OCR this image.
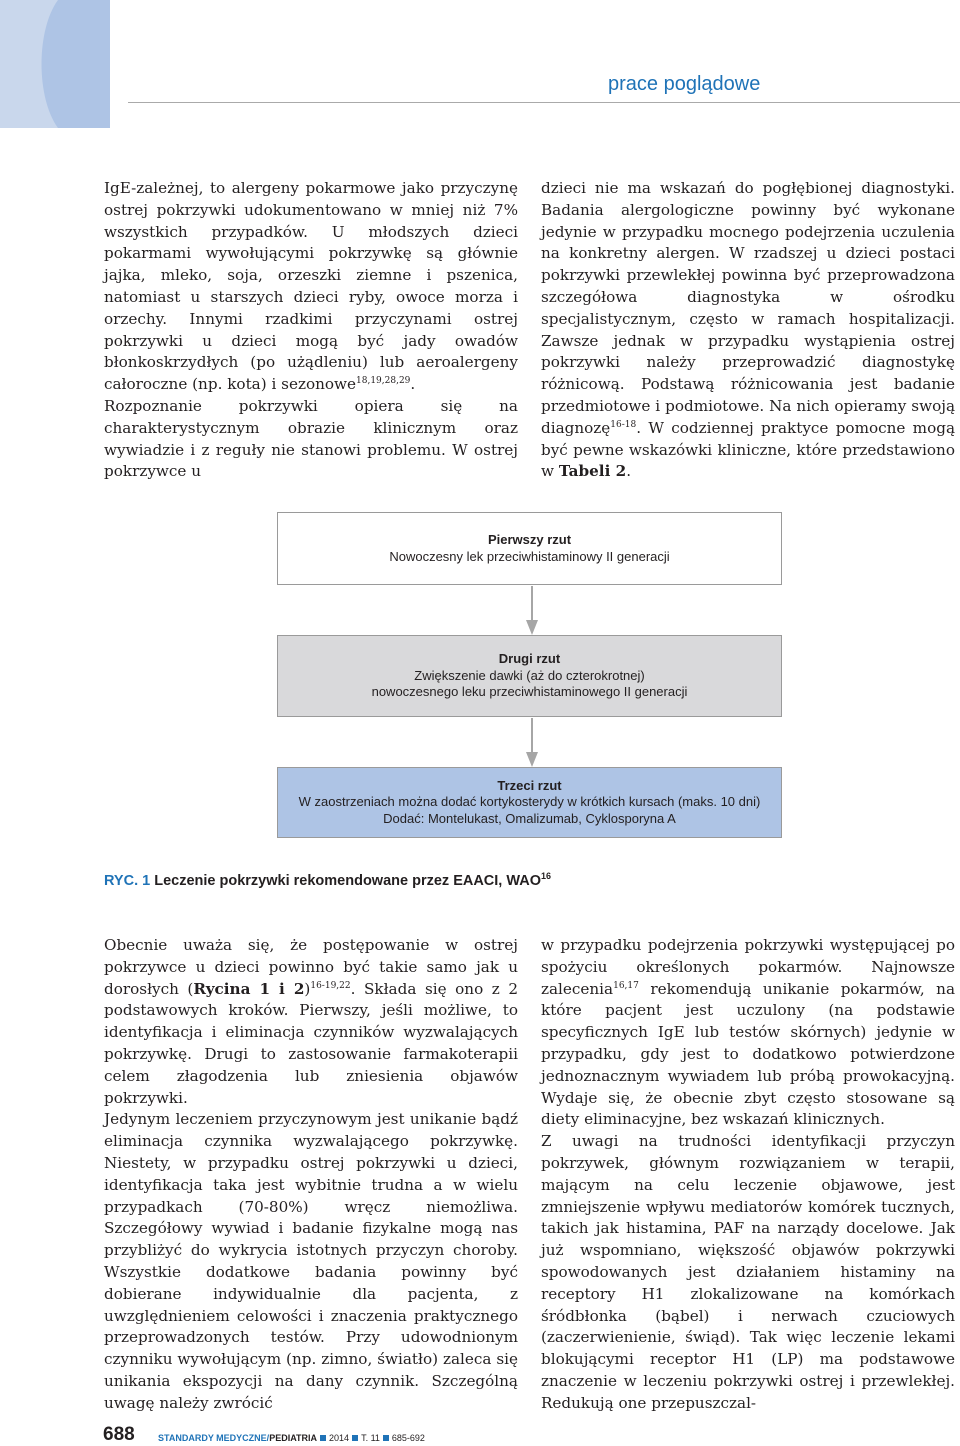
prace poglądowe

IgE-zależnej, to alergeny pokarmowe jako przyczynę ostrej pokrzywki udokumentowano w mniej niż 7% wszystkich przypadków. U młodszych dzieci pokarmami wywołującymi pokrzywkę są głównie jajka, mleko, soja, orzeszki ziemne i pszenica, natomiast u starszych dzieci ryby, owoce morza i orzechy. Innymi rzadkimi przyczynami ostrej pokrzywki u dzieci mogą być jady owadów błonkoskrzydłych (po użądleniu) lub aeroalergeny całoroczne (np. kota) i sezonowe$^{18,19,28,29}$.

Rozpoznanie pokrzywki opiera się na charakterystycznym obrazie klinicznym oraz wywiadzie i z reguły nie stanowi problemu. W ostrej pokrzywce u

dzieci nie ma wskazań do pogłębionej diagnostyki. Badania alergologiczne powinny być wykonane jedynie w przypadku mocnego podejrzenia uczulenia na konkretny alergen. W rzadszej u dzieci postaci pokrzywki przewlekłej powinna być przeprowadzona szczegółowa diagnostyka w ośrodku specjalistycznym, często w ramach hospitalizacji. Zawsze jednak w przypadku wystąpienia ostrej pokrzywki należy przeprowadzić diagnostykę różnicową. Podstawą różnicowania jest badanie przedmiotowe i podmiotowe. Na nich opieramy swoją diagnozę$^{16-18}$. W codziennej praktyce pomocne mogą być pewne wskazówki kliniczne, które przedstawiono w Tabeli 2.

Pierwszy rzut
Nowoczesny lek przeciwhistaminowy II generacji
Drugi rzut
Zwiększenie dawki (aż do czterokrotnej)
nowoczesnego leku przeciwhistaminowego II generacji
Trzeci rzut
W zaostrzeniach można dodać kortykosterydy w krótkich kursach (maks. 10 dni)
Dodać: Montelukast, Omalizumab, Cyklosporyna A
RYC. 1 Leczenie pokrzywki rekomendowane przez EAACI, WAO$^{16}$

Obecnie uważa się, że postępowanie w ostrej pokrzywce u dzieci powinno być takie samo jak u dorosłych (Rycina 1 i 2)$^{16-19,22}$. Składa się ono z 2 podstawowych kroków. Pierwszy, jeśli możliwe, to identyfikacja i eliminacja czynników wyzwalających pokrzywkę. Drugi to zastosowanie farmakoterapii celem złagodzenia lub zniesienia objawów pokrzywki.

Jedynym leczeniem przyczynowym jest unikanie bądź eliminacja czynnika wyzwalającego pokrzywkę. Niestety, w przypadku ostrej pokrzywki u dzieci, identyfikacja taka jest wybitnie trudna a w wielu przypadkach (70-80%) wręcz niemożliwa. Szczegółowy wywiad i badanie fizykalne mogą nas przybliżyć do wykrycia istotnych przyczyn choroby. Wszystkie dodatkowe badania powinny być dobierane indywidualnie dla pacjenta, z uwzględnieniem celowości i znaczenia praktycznego przeprowadzonych testów. Przy udowodnionym czynniku wywołującym (np. zimno, światło) zaleca się unikania ekspozycji na dany czynnik. Szczególną uwagę należy zwrócić

w przypadku podejrzenia pokrzywki występującej po spożyciu określonych pokarmów. Najnowsze zalecenia$^{16,17}$ rekomendują unikanie pokarmów, na które pacjent jest uczulony (na podstawie specyficznych IgE lub testów skórnych) jedynie w przypadku, gdy jest to dodatkowo potwierdzone jednoznacznym wywiadem lub próbą prowokacyjną. Wydaje się, że obecnie zbyt często stosowane są diety eliminacyjne, bez wskazań klinicznych.

Z uwagi na trudności identyfikacji przyczyn pokrzywek, głównym rozwiązaniem w terapii, mającym na celu leczenie objawowe, jest zmniejszenie wpływu mediatorów komórek tucznych, takich jak histamina, PAF na narządy docelowe. Jak już wspomniano, większość objawów pokrzywki spowodowanych jest działaniem histaminy na receptory H1 zlokalizowane na komórkach śródbłonka (bąbel) i nerwach czuciowych (zaczerwienienie, świąd). Tak więc leczenie lekami blokującymi receptor H1 (LP) ma podstawowe znaczenie w leczeniu pokrzywki ostrej i przewlekłej. Redukują one przepuszczal-

688	STANDARDY MEDYCZNE/PEDIATRIA 2014 T. 11 685-692
